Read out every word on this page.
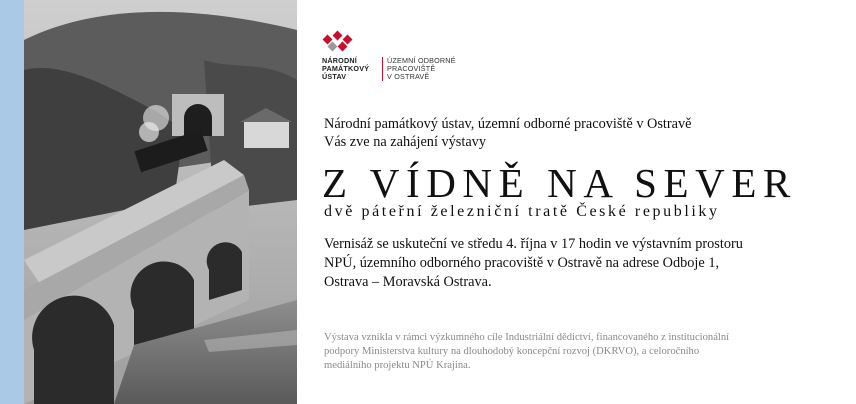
NÁRODNÍ
PAMÁTKOVÝ
ÚSTAV
ÚZEMNÍ ODBORNÉ
PRACOVIŠTĚ
V OSTRAVĚ
Národní památkový ústav, územní odborné pracoviště v Ostravě
Vás zve na zahájení výstavy
Z VÍDNĚ NA SEVER
dvě páteřní železniční tratě České republiky
Vernisáž se uskuteční ve středu 4. října v 17 hodin ve výstavním prostoru
NPÚ, územního odborného pracoviště v Ostravě na adrese Odboje 1,
Ostrava – Moravská Ostrava.
Výstava vznikla v rámci výzkumného cíle Industriální dědictví, financovaného z institucionální
podpory Ministerstva kultury na dlouhodobý koncepční rozvoj (DKRVO), a celoročního
mediálního projektu NPÚ Krajina.
